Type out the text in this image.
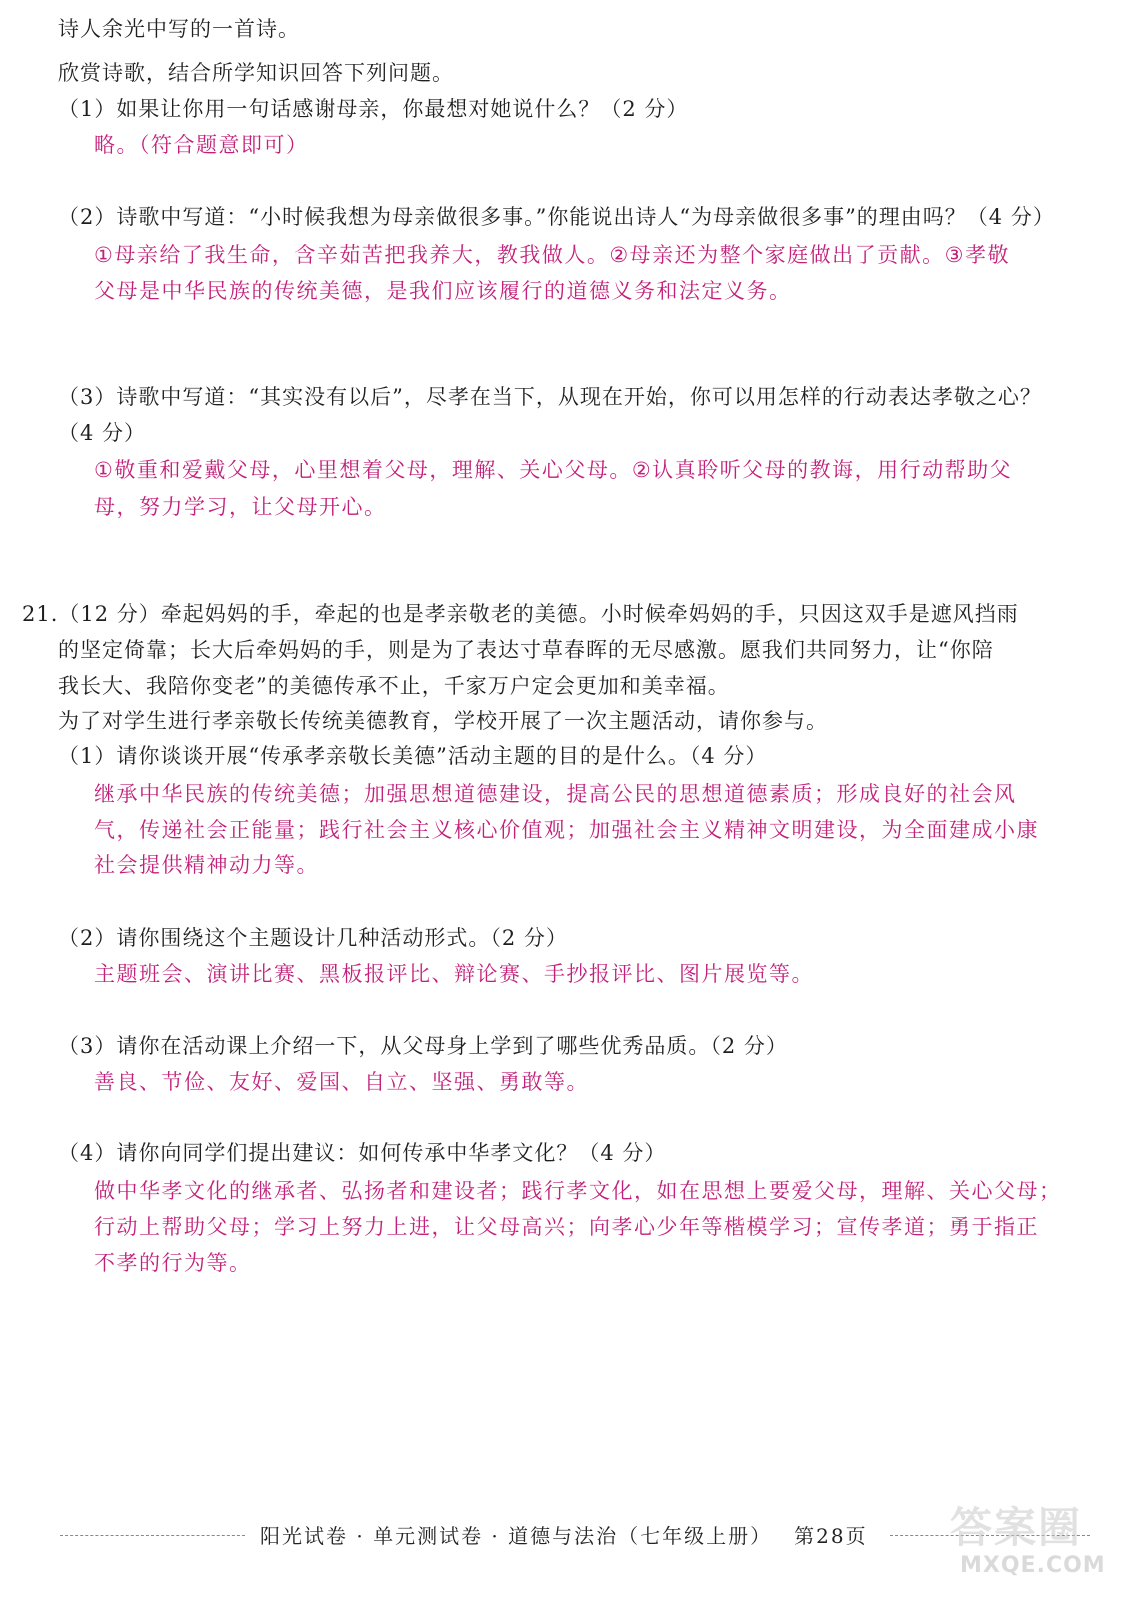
诗人余光中写的一首诗。
欣赏诗歌，结合所学知识回答下列问题。
（1）如果让你用一句话感谢母亲，你最想对她说什么？（2 分）
略。（符合题意即可）
（2）诗歌中写道：“小时候我想为母亲做很多事。”你能说出诗人“为母亲做很多事”的理由吗？（4 分）
①母亲给了我生命，含辛茹苦把我养大，教我做人。②母亲还为整个家庭做出了贡献。③孝敬
父母是中华民族的传统美德，是我们应该履行的道德义务和法定义务。
（3）诗歌中写道：“其实没有以后”，尽孝在当下，从现在开始，你可以用怎样的行动表达孝敬之心？
（4 分）
①敬重和爱戴父母，心里想着父母，理解、关心父母。②认真聆听父母的教诲，用行动帮助父
母，努力学习，让父母开心。
21.（12 分）牵起妈妈的手，牵起的也是孝亲敬老的美德。小时候牵妈妈的手，只因这双手是遮风挡雨
的坚定倚靠；长大后牵妈妈的手，则是为了表达寸草春晖的无尽感激。愿我们共同努力，让“你陪
我长大、我陪你变老”的美德传承不止，千家万户定会更加和美幸福。
为了对学生进行孝亲敬长传统美德教育，学校开展了一次主题活动，请你参与。
（1）请你谈谈开展“传承孝亲敬长美德”活动主题的目的是什么。（4 分）
继承中华民族的传统美德；加强思想道德建设，提高公民的思想道德素质；形成良好的社会风
气，传递社会正能量；践行社会主义核心价值观；加强社会主义精神文明建设，为全面建成小康
社会提供精神动力等。
（2）请你围绕这个主题设计几种活动形式。（2 分）
主题班会、演讲比赛、黑板报评比、辩论赛、手抄报评比、图片展览等。
（3）请你在活动课上介绍一下，从父母身上学到了哪些优秀品质。（2 分）
善良、节俭、友好、爱国、自立、坚强、勇敢等。
（4）请你向同学们提出建议：如何传承中华孝文化？（4 分）
做中华孝文化的继承者、弘扬者和建设者；践行孝文化，如在思想上要爱父母，理解、关心父母；
行动上帮助父母；学习上努力上进，让父母高兴；向孝心少年等楷模学习；宣传孝道；勇于指正
不孝的行为等。
阳光试卷 · 单元测试卷 · 道德与法治（七年级上册） 第28页 答案圈
MXQE.COM
